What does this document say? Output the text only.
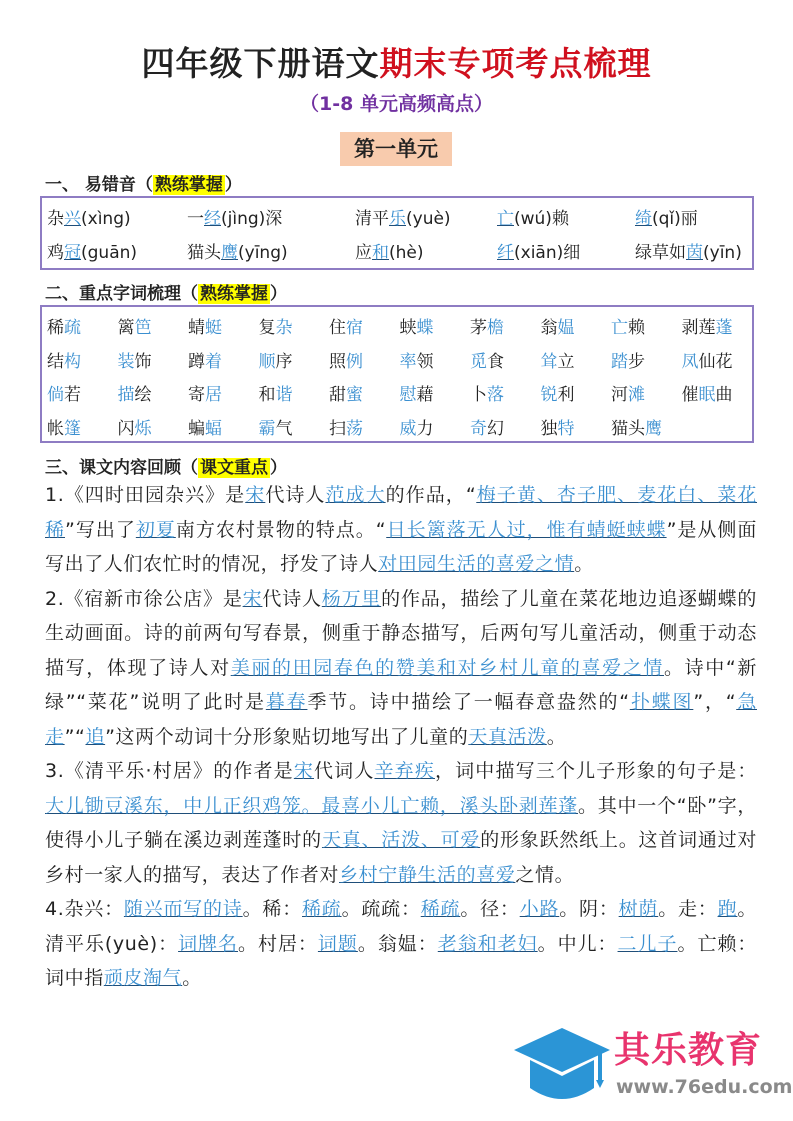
四年级下册语文期末专项考点梳理
（1-8 单元高频高点）
第一单元
一、 易错音（ 熟练掌握 ）
杂兴(xìng)	一经(jìng)深	清平乐(yuè)	亡(wú)赖	绮(qǐ)丽
鸡冠(guān)	猫头鹰(yīng)	应和(hè)	纤(xiān)细	绿草如茵(yīn)
二、重点字词梳理（ 熟练掌握 ）
稀疏 篱笆 蜻蜓 复杂 住宿 蛱蝶 茅檐 翁媪 亡赖 剥莲蓬
结构 装饰 蹲着 顺序 照例 率领 觅食 耸立 踏步 凤仙花
倘若 描绘 寄居 和谐 甜蜜 慰藉 卜落 锐利 河滩 催眠曲
帐篷 闪烁 蝙蝠 霸气 扫荡 威力 奇幻 独特 猫头鹰
三、课文内容回顾（ 课文重点 ）

1.《四时田园杂兴》是宋代诗人范成大的作品，“梅子黄、杏子肥、麦花白、菜花稀”写出了初夏南方农村景物的特点。“日长篱落无人过，惟有蜻蜓蛱蝶”是从侧面写出了人们农忙时的情况，抒发了诗人对田园生活的喜爱之情。

2.《宿新市徐公店》是宋代诗人杨万里的作品，描绘了儿童在菜花地边追逐蝴蝶的生动画面。诗的前两句写春景，侧重于静态描写，后两句写儿童活动，侧重于动态描写，体现了诗人对美丽的田园春色的赞美和对乡村儿童的喜爱之情。诗中“新绿”“菜花”说明了此时是暮春季节。诗中描绘了一幅春意盎然的“扑蝶图”，“急走”“追”这两个动词十分形象贴切地写出了儿童的天真活泼。

3.《清平乐·村居》的作者是宋代词人辛弃疾，词中描写三个儿子形象的句子是：大儿锄豆溪东，中儿正织鸡笼。最喜小儿亡赖，溪头卧剥莲蓬。其中一个“卧”字，使得小儿子躺在溪边剥莲蓬时的天真、活泼、可爱的形象跃然纸上。这首词通过对乡村一家人的描写，表达了作者对乡村宁静生活的喜爱之情。

4.杂兴：随兴而写的诗。稀：稀疏。疏疏：稀疏。径：小路。阴：树荫。走：跑。清平乐(yuè)：词牌名。村居：词题。翁媪：老翁和老妇。中儿：二儿子。亡赖：词中指顽皮淘气。

其乐教育
www.76edu.com
